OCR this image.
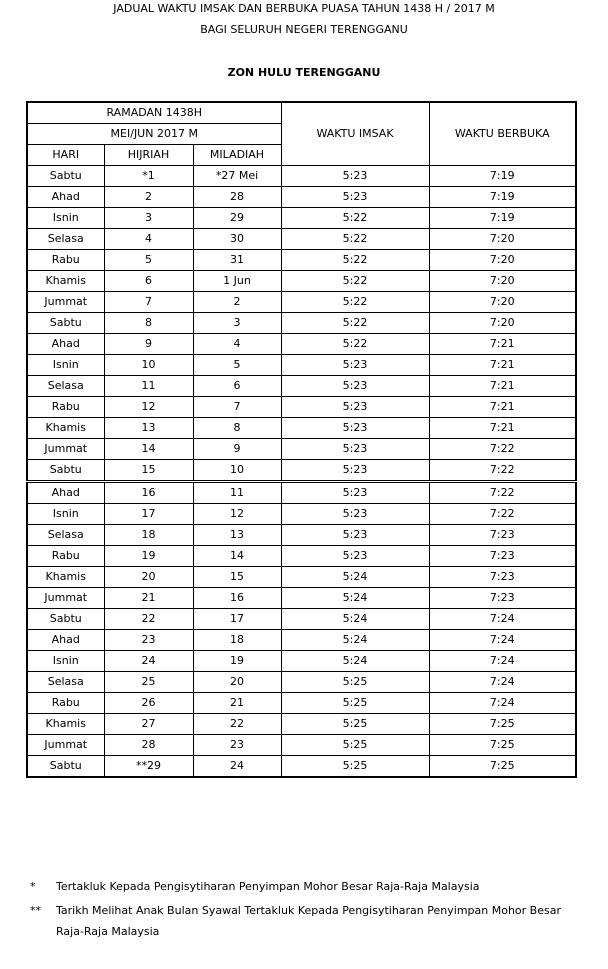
JADUAL WAKTU IMSAK DAN BERBUKA PUASA TAHUN 1438 H / 2017 M
BAGI SELURUH NEGERI TERENGGANU
ZON HULU TERENGGANU
RAMADAN 1438H			WAKTU IMSAK	WAKTU BERBUKA
MEI/JUN 2017 M				
HARI	HIJRIAH	MILADIAH		
Sabtu	*1	*27 Mei	5:23	7:19
Ahad	2	28	5:23	7:19
Isnin	3	29	5:22	7:19
Selasa	4	30	5:22	7:20
Rabu	5	31	5:22	7:20
Khamis	6	1 Jun	5:22	7:20
Jummat	7	2	5:22	7:20
Sabtu	8	3	5:22	7:20
Ahad	9	4	5:22	7:21
Isnin	10	5	5:23	7:21
Selasa	11	6	5:23	7:21
Rabu	12	7	5:23	7:21
Khamis	13	8	5:23	7:21
Jummat	14	9	5:23	7:22
Sabtu	15	10	5:23	7:22
Ahad	16	11	5:23	7:22
Isnin	17	12	5:23	7:22
Selasa	18	13	5:23	7:23
Rabu	19	14	5:23	7:23
Khamis	20	15	5:24	7:23
Jummat	21	16	5:24	7:23
Sabtu	22	17	5:24	7:24
Ahad	23	18	5:24	7:24
Isnin	24	19	5:24	7:24
Selasa	25	20	5:25	7:24
Rabu	26	21	5:25	7:24
Khamis	27	22	5:25	7:25
Jummat	28	23	5:25	7:25
Sabtu	**29	24	5:25	7:25
* Tertakluk Kepada Pengisytiharan Penyimpan Mohor Besar Raja-Raja Malaysia
** Tarikh Melihat Anak Bulan Syawal Tertakluk Kepada Pengisytiharan Penyimpan Mohor Besar
Raja-Raja Malaysia
